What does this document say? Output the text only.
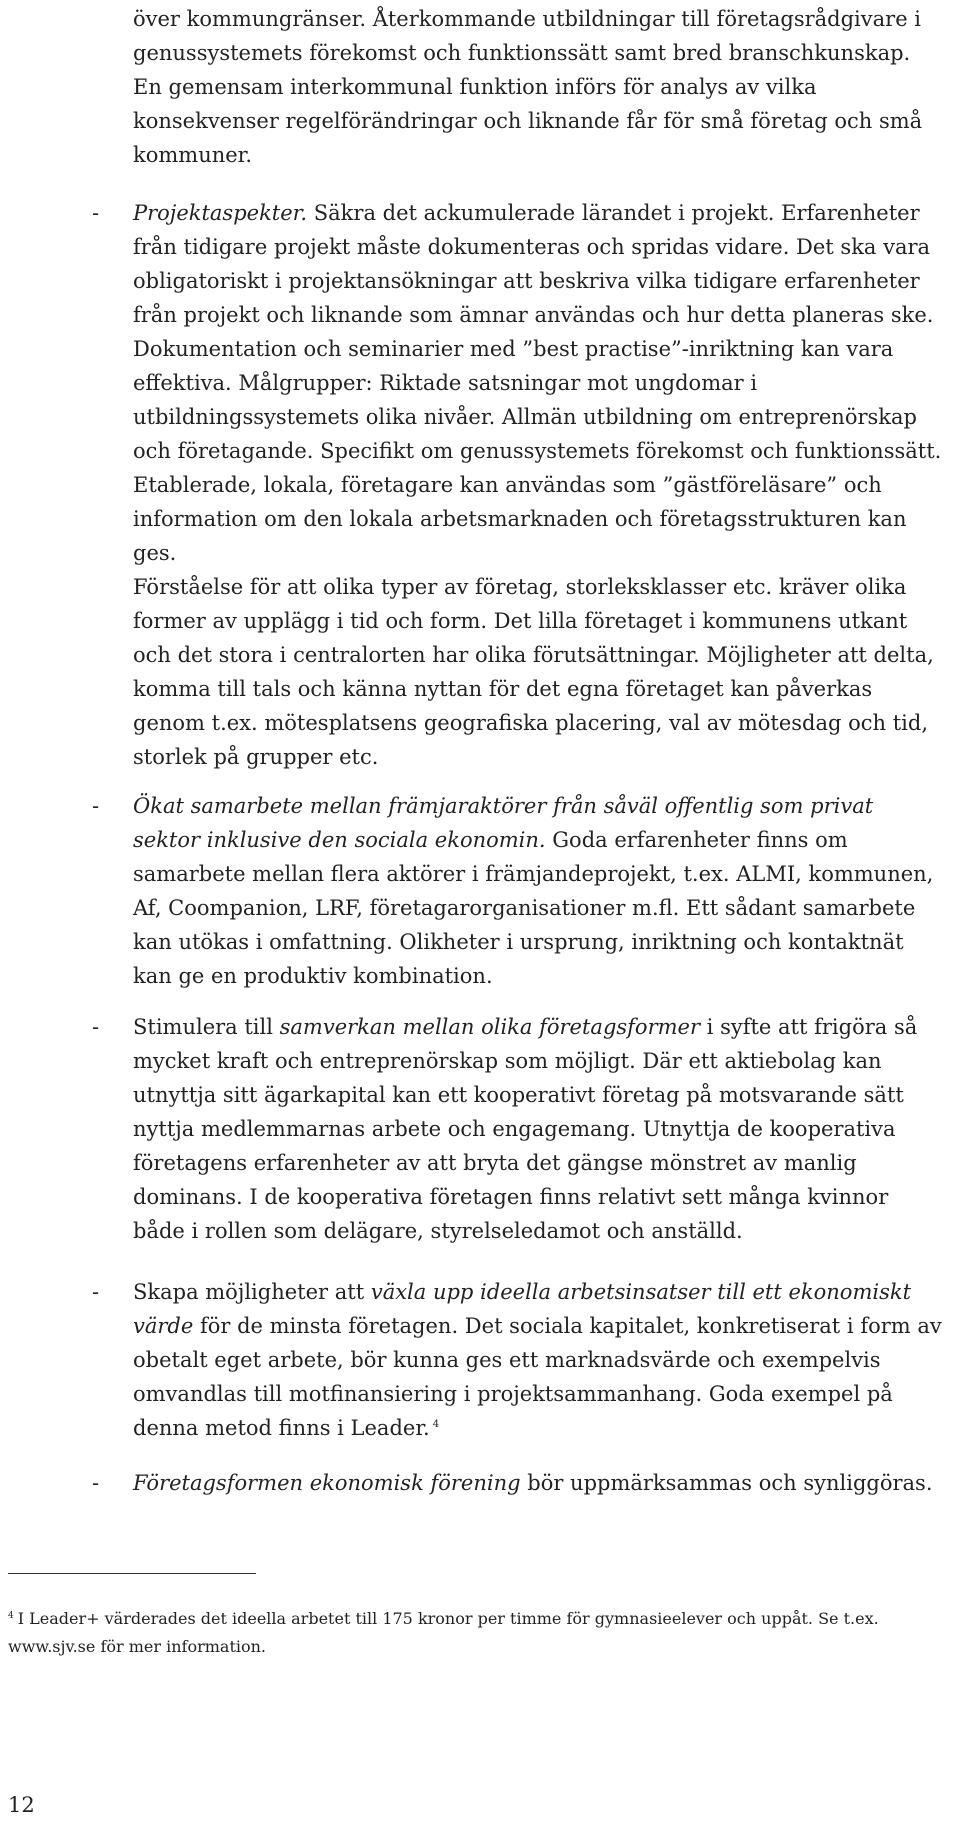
över kommungränser. Återkommande utbildningar till företagsrådgivare i genussystemets förekomst och funktionssätt samt bred branschkunskap. En gemensam interkommunal funktion införs för analys av vilka konsekvenser regelförändringar och liknande får för små företag och små kommuner.

-	Projektaspekter. Säkra det ackumulerade lärandet i projekt. Erfarenheter från tidigare projekt måste dokumenteras och spridas vidare. Det ska vara obligatoriskt i projektansökningar att beskriva vilka tidigare erfarenheter från projekt och liknande som ämnar användas och hur detta planeras ske. Dokumentation och seminarier med ”best practise”-inriktning kan vara effektiva. Målgrupper: Riktade satsningar mot ungdomar i utbildningssystemets olika nivåer. Allmän utbildning om entreprenörskap och företagande. Specifikt om genussystemets förekomst och funktionssätt. Etablerade, lokala, företagare kan användas som ”gästföreläsare” och information om den lokala arbetsmarknaden och företagsstrukturen kan ges.
Förståelse för att olika typer av företag, storleksklasser etc. kräver olika former av upplägg i tid och form. Det lilla företaget i kommunens utkant och det stora i centralorten har olika förutsättningar. Möjligheter att delta, komma till tals och känna nyttan för det egna företaget kan påverkas genom t.ex. mötesplatsens geografiska placering, val av mötesdag och tid, storlek på grupper etc.

-	Ökat samarbete mellan främjaraktörer från såväl offentlig som privat sektor inklusive den sociala ekonomin. Goda erfarenheter finns om samarbete mellan flera aktörer i främjandeprojekt, t.ex. ALMI, kommunen, Af, Coompanion, LRF, företagarorganisationer m.fl. Ett sådant samarbete kan utökas i omfattning. Olikheter i ursprung, inriktning och kontaktnät kan ge en produktiv kombination.

-	Stimulera till samverkan mellan olika företagsformer i syfte att frigöra så mycket kraft och entreprenörskap som möjligt. Där ett aktiebolag kan utnyttja sitt ägarkapital kan ett kooperativt företag på motsvarande sätt nyttja medlemmarnas arbete och engagemang. Utnyttja de kooperativa företagens erfarenheter av att bryta det gängse mönstret av manlig dominans. I de kooperativa företagen finns relativt sett många kvinnor både i rollen som delägare, styrelseledamot och anställd.

-	Skapa möjligheter att växla upp ideella arbetsinsatser till ett ekonomiskt värde för de minsta företagen. Det sociala kapitalet, konkretiserat i form av obetalt eget arbete, bör kunna ges ett marknadsvärde och exempelvis omvandlas till motfinansiering i projektsammanhang. Goda exempel på denna metod finns i Leader. $^4$

-	Företagsformen ekonomisk förening bör uppmärksammas och synliggöras.

$^4$ I Leader+ värderades det ideella arbetet till 175 kronor per timme för gymnasieelever och uppåt. Se t.ex. www.sjv.se för mer information.

12
